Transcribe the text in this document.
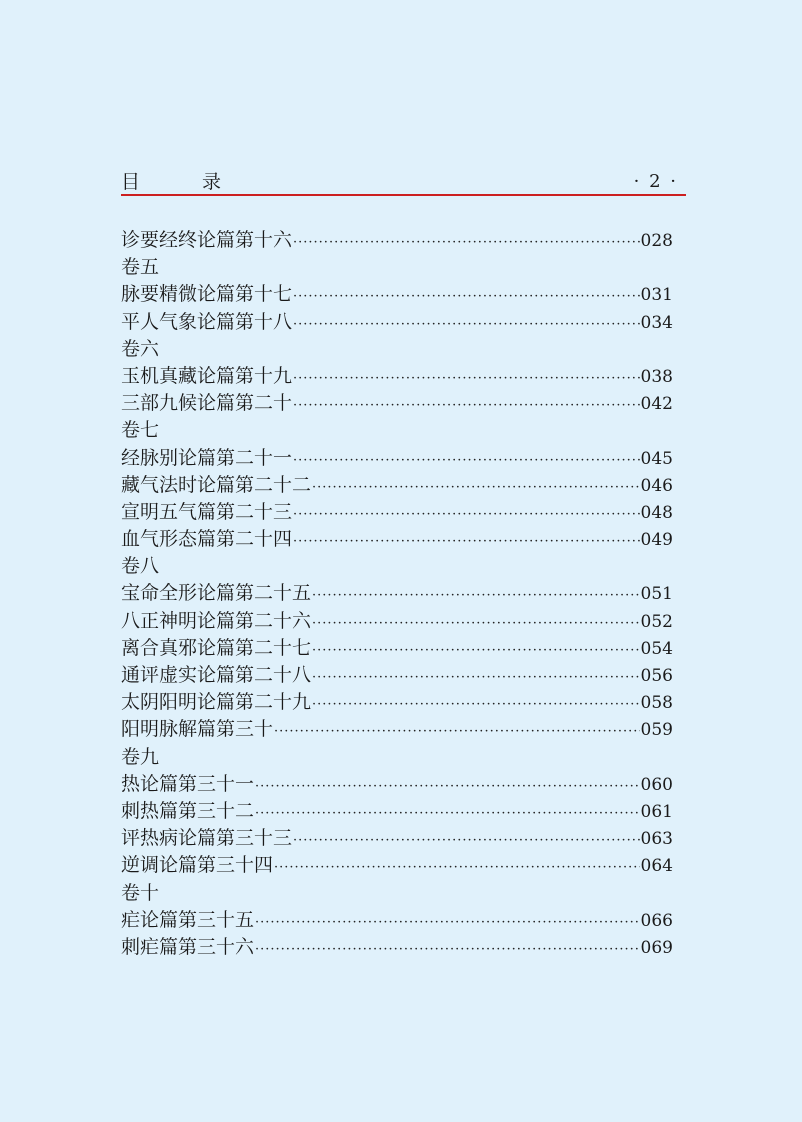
目	录	· 2 ·
诊要经终论篇第十六 ·····	028
卷五
脉要精微论篇第十七 ·····	031
平人气象论篇第十八 ·····	034
卷六
玉机真藏论篇第十九 ·····	038
三部九候论篇第二十 ·····	042
卷七
经脉别论篇第二十一 ·····	045
藏气法时论篇第二十二 ·····	046
宣明五气篇第二十三 ·····	048
血气形态篇第二十四 ·····	049
卷八
宝命全形论篇第二十五 ·····	051
八正神明论篇第二十六 ·····	052
离合真邪论篇第二十七 ·····	054
通评虚实论篇第二十八 ·····	056
太阴阳明论篇第二十九 ·····	058
阳明脉解篇第三十 ·····	059
卷九
热论篇第三十一 ·····	060
刺热篇第三十二 ·····	061
评热病论篇第三十三 ·····	063
逆调论篇第三十四 ·····	064
卷十
疟论篇第三十五 ·····	066
刺疟篇第三十六 ·····	069
